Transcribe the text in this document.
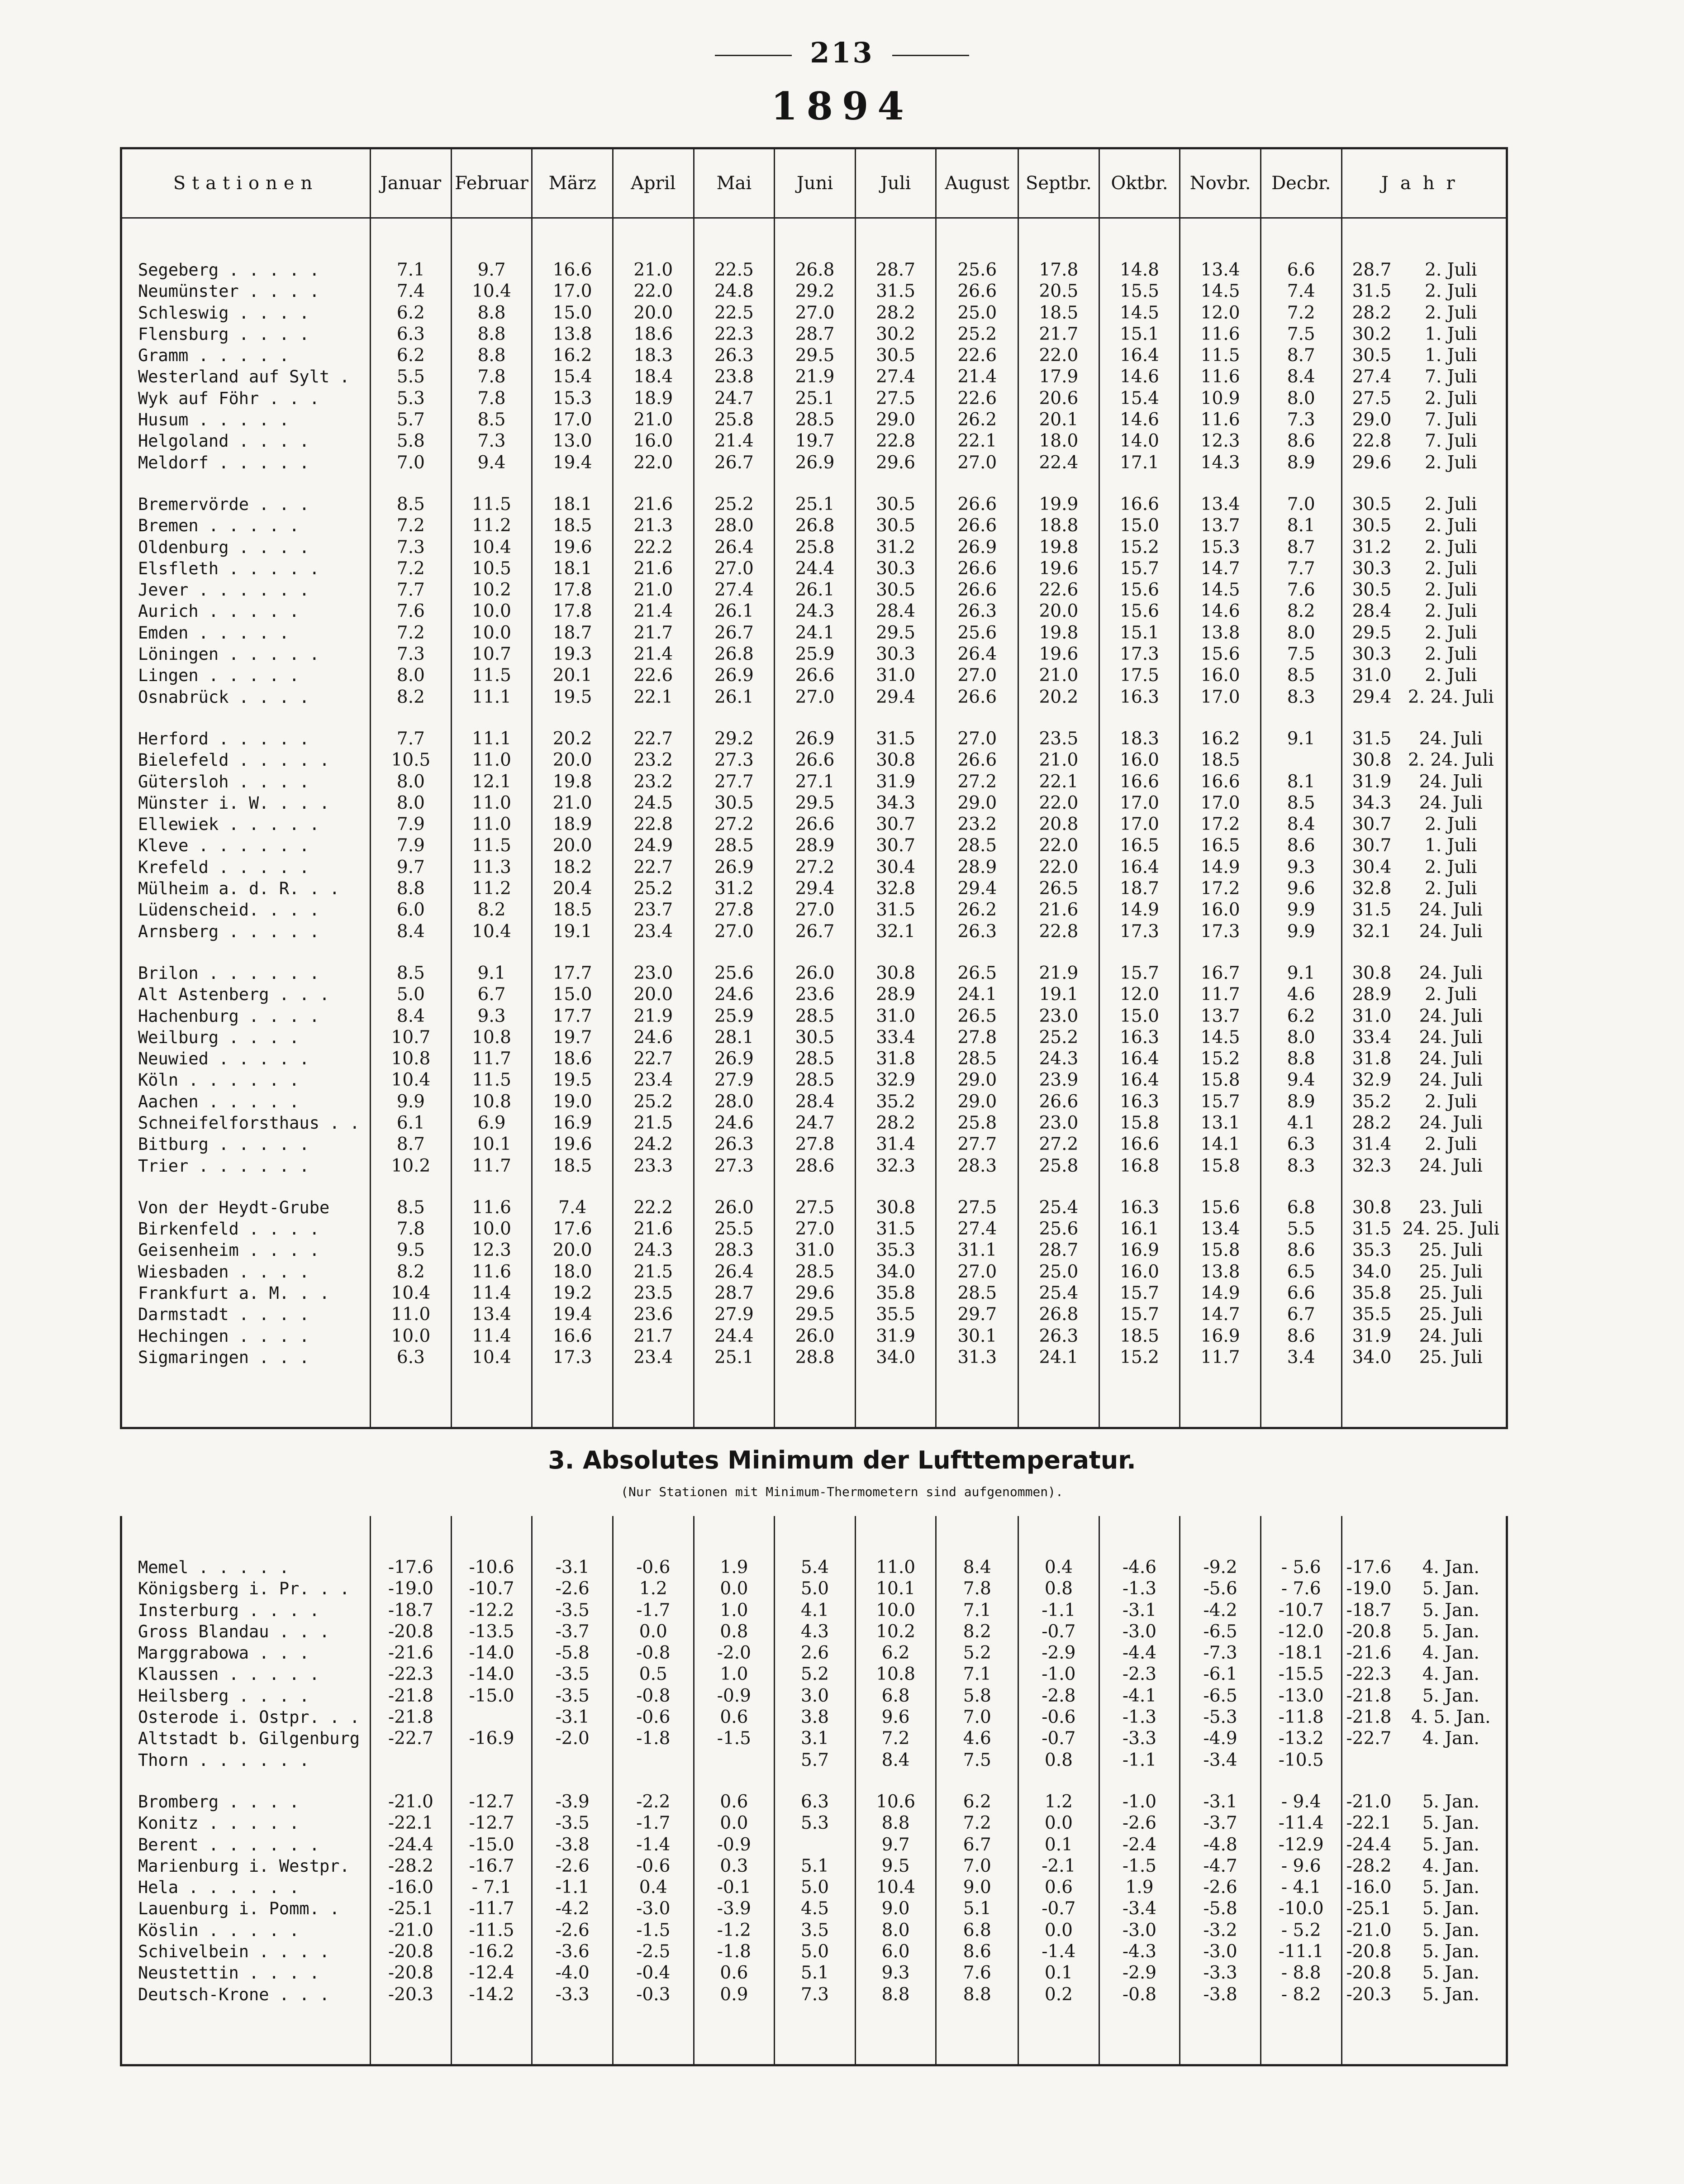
213
1894
Stationen	Januar	Februar	März	April	Mai	Juni	Juli	August	Septbr.	Oktbr.	Novbr.	Decbr.	Jahr	

Segeberg . . . . .	7.1	9.7	16.6	21.0	22.5	26.8	28.7	25.6	17.8	14.8	13.4	6.6	28.7	2. Juli
Neumünster . . . .	7.4	10.4	17.0	22.0	24.8	29.2	31.5	26.6	20.5	15.5	14.5	7.4	31.5	2. Juli
Schleswig . . . .	6.2	8.8	15.0	20.0	22.5	27.0	28.2	25.0	18.5	14.5	12.0	7.2	28.2	2. Juli
Flensburg . . . .	6.3	8.8	13.8	18.6	22.3	28.7	30.2	25.2	21.7	15.1	11.6	7.5	30.2	1. Juli
Gramm . . . . .	6.2	8.8	16.2	18.3	26.3	29.5	30.5	22.6	22.0	16.4	11.5	8.7	30.5	1. Juli
Westerland auf Sylt .	5.5	7.8	15.4	18.4	23.8	21.9	27.4	21.4	17.9	14.6	11.6	8.4	27.4	7. Juli
Wyk auf Föhr . . .	5.3	7.8	15.3	18.9	24.7	25.1	27.5	22.6	20.6	15.4	10.9	8.0	27.5	2. Juli
Husum . . . . .	5.7	8.5	17.0	21.0	25.8	28.5	29.0	26.2	20.1	14.6	11.6	7.3	29.0	7. Juli
Helgoland . . . .	5.8	7.3	13.0	16.0	21.4	19.7	22.8	22.1	18.0	14.0	12.3	8.6	22.8	7. Juli
Meldorf . . . . .	7.0	9.4	19.4	22.0	26.7	26.9	29.6	27.0	22.4	17.1	14.3	8.9	29.6	2. Juli

Bremervörde . . .	8.5	11.5	18.1	21.6	25.2	25.1	30.5	26.6	19.9	16.6	13.4	7.0	30.5	2. Juli
Bremen . . . . .	7.2	11.2	18.5	21.3	28.0	26.8	30.5	26.6	18.8	15.0	13.7	8.1	30.5	2. Juli
Oldenburg . . . .	7.3	10.4	19.6	22.2	26.4	25.8	31.2	26.9	19.8	15.2	15.3	8.7	31.2	2. Juli
Elsfleth . . . . .	7.2	10.5	18.1	21.6	27.0	24.4	30.3	26.6	19.6	15.7	14.7	7.7	30.3	2. Juli
Jever . . . . . .	7.7	10.2	17.8	21.0	27.4	26.1	30.5	26.6	22.6	15.6	14.5	7.6	30.5	2. Juli
Aurich . . . . .	7.6	10.0	17.8	21.4	26.1	24.3	28.4	26.3	20.0	15.6	14.6	8.2	28.4	2. Juli
Emden . . . . .	7.2	10.0	18.7	21.7	26.7	24.1	29.5	25.6	19.8	15.1	13.8	8.0	29.5	2. Juli
Löningen . . . . .	7.3	10.7	19.3	21.4	26.8	25.9	30.3	26.4	19.6	17.3	15.6	7.5	30.3	2. Juli
Lingen . . . . .	8.0	11.5	20.1	22.6	26.9	26.6	31.0	27.0	21.0	17.5	16.0	8.5	31.0	2. Juli
Osnabrück . . . .	8.2	11.1	19.5	22.1	26.1	27.0	29.4	26.6	20.2	16.3	17.0	8.3	29.4	2. 24. Juli

Herford . . . . .	7.7	11.1	20.2	22.7	29.2	26.9	31.5	27.0	23.5	18.3	16.2	9.1	31.5	24. Juli
Bielefeld . . . . .	10.5	11.0	20.0	23.2	27.3	26.6	30.8	26.6	21.0	16.0	18.5		30.8	2. 24. Juli
Gütersloh . . . .	8.0	12.1	19.8	23.2	27.7	27.1	31.9	27.2	22.1	16.6	16.6	8.1	31.9	24. Juli
Münster i. W. . . .	8.0	11.0	21.0	24.5	30.5	29.5	34.3	29.0	22.0	17.0	17.0	8.5	34.3	24. Juli
Ellewiek . . . . .	7.9	11.0	18.9	22.8	27.2	26.6	30.7	23.2	20.8	17.0	17.2	8.4	30.7	2. Juli
Kleve . . . . . .	7.9	11.5	20.0	24.9	28.5	28.9	30.7	28.5	22.0	16.5	16.5	8.6	30.7	1. Juli
Krefeld . . . . .	9.7	11.3	18.2	22.7	26.9	27.2	30.4	28.9	22.0	16.4	14.9	9.3	30.4	2. Juli
Mülheim a. d. R. . .	8.8	11.2	20.4	25.2	31.2	29.4	32.8	29.4	26.5	18.7	17.2	9.6	32.8	2. Juli
Lüdenscheid. . . .	6.0	8.2	18.5	23.7	27.8	27.0	31.5	26.2	21.6	14.9	16.0	9.9	31.5	24. Juli
Arnsberg . . . . .	8.4	10.4	19.1	23.4	27.0	26.7	32.1	26.3	22.8	17.3	17.3	9.9	32.1	24. Juli

Brilon . . . . . .	8.5	9.1	17.7	23.0	25.6	26.0	30.8	26.5	21.9	15.7	16.7	9.1	30.8	24. Juli
Alt Astenberg . . .	5.0	6.7	15.0	20.0	24.6	23.6	28.9	24.1	19.1	12.0	11.7	4.6	28.9	2. Juli
Hachenburg . . . .	8.4	9.3	17.7	21.9	25.9	28.5	31.0	26.5	23.0	15.0	13.7	6.2	31.0	24. Juli
Weilburg . . . .	10.7	10.8	19.7	24.6	28.1	30.5	33.4	27.8	25.2	16.3	14.5	8.0	33.4	24. Juli
Neuwied . . . . .	10.8	11.7	18.6	22.7	26.9	28.5	31.8	28.5	24.3	16.4	15.2	8.8	31.8	24. Juli
Köln . . . . . .	10.4	11.5	19.5	23.4	27.9	28.5	32.9	29.0	23.9	16.4	15.8	9.4	32.9	24. Juli
Aachen . . . . .	9.9	10.8	19.0	25.2	28.0	28.4	35.2	29.0	26.6	16.3	15.7	8.9	35.2	2. Juli
Schneifelforsthaus . .	6.1	6.9	16.9	21.5	24.6	24.7	28.2	25.8	23.0	15.8	13.1	4.1	28.2	24. Juli
Bitburg . . . . .	8.7	10.1	19.6	24.2	26.3	27.8	31.4	27.7	27.2	16.6	14.1	6.3	31.4	2. Juli
Trier . . . . . .	10.2	11.7	18.5	23.3	27.3	28.6	32.3	28.3	25.8	16.8	15.8	8.3	32.3	24. Juli

Von der Heydt-Grube	8.5	11.6	7.4	22.2	26.0	27.5	30.8	27.5	25.4	16.3	15.6	6.8	30.8	23. Juli
Birkenfeld . . . .	7.8	10.0	17.6	21.6	25.5	27.0	31.5	27.4	25.6	16.1	13.4	5.5	31.5	24. 25. Juli
Geisenheim . . . .	9.5	12.3	20.0	24.3	28.3	31.0	35.3	31.1	28.7	16.9	15.8	8.6	35.3	25. Juli
Wiesbaden . . . .	8.2	11.6	18.0	21.5	26.4	28.5	34.0	27.0	25.0	16.0	13.8	6.5	34.0	25. Juli
Frankfurt a. M. . .	10.4	11.4	19.2	23.5	28.7	29.6	35.8	28.5	25.4	15.7	14.9	6.6	35.8	25. Juli
Darmstadt . . . .	11.0	13.4	19.4	23.6	27.9	29.5	35.5	29.7	26.8	15.7	14.7	6.7	35.5	25. Juli
Hechingen . . . .	10.0	11.4	16.6	21.7	24.4	26.0	31.9	30.1	26.3	18.5	16.9	8.6	31.9	24. Juli
Sigmaringen . . .	6.3	10.4	17.3	23.4	25.1	28.8	34.0	31.3	24.1	15.2	11.7	3.4	34.0	25. Juli

3. Absolutes Minimum der Lufttemperatur.
(Nur Stationen mit Minimum-Thermometern sind aufgenommen).

Memel . . . . .	-17.6	-10.6	-3.1	-0.6	1.9	5.4	11.0	8.4	0.4	-4.6	-9.2	- 5.6	-17.6	4. Jan.
Königsberg i. Pr. . .	-19.0	-10.7	-2.6	1.2	0.0	5.0	10.1	7.8	0.8	-1.3	-5.6	- 7.6	-19.0	5. Jan.
Insterburg . . . .	-18.7	-12.2	-3.5	-1.7	1.0	4.1	10.0	7.1	-1.1	-3.1	-4.2	-10.7	-18.7	5. Jan.
Gross Blandau . . .	-20.8	-13.5	-3.7	0.0	0.8	4.3	10.2	8.2	-0.7	-3.0	-6.5	-12.0	-20.8	5. Jan.
Marggrabowa . . .	-21.6	-14.0	-5.8	-0.8	-2.0	2.6	6.2	5.2	-2.9	-4.4	-7.3	-18.1	-21.6	4. Jan.
Klaussen . . . . .	-22.3	-14.0	-3.5	0.5	1.0	5.2	10.8	7.1	-1.0	-2.3	-6.1	-15.5	-22.3	4. Jan.
Heilsberg . . . .	-21.8	-15.0	-3.5	-0.8	-0.9	3.0	6.8	5.8	-2.8	-4.1	-6.5	-13.0	-21.8	5. Jan.
Osterode i. Ostpr. . .	-21.8		-3.1	-0.6	0.6	3.8	9.6	7.0	-0.6	-1.3	-5.3	-11.8	-21.8	4. 5. Jan.
Altstadt b. Gilgenburg	-22.7	-16.9	-2.0	-1.8	-1.5	3.1	7.2	4.6	-0.7	-3.3	-4.9	-13.2	-22.7	4. Jan.
Thorn . . . . . .						5.7	8.4	7.5	0.8	-1.1	-3.4	-10.5		

Bromberg . . . .	-21.0	-12.7	-3.9	-2.2	0.6	6.3	10.6	6.2	1.2	-1.0	-3.1	- 9.4	-21.0	5. Jan.
Konitz . . . . .	-22.1	-12.7	-3.5	-1.7	0.0	5.3	8.8	7.2	0.0	-2.6	-3.7	-11.4	-22.1	5. Jan.
Berent . . . . . .	-24.4	-15.0	-3.8	-1.4	-0.9		9.7	6.7	0.1	-2.4	-4.8	-12.9	-24.4	5. Jan.
Marienburg i. Westpr.	-28.2	-16.7	-2.6	-0.6	0.3	5.1	9.5	7.0	-2.1	-1.5	-4.7	- 9.6	-28.2	4. Jan.
Hela . . . . . .	-16.0	- 7.1	-1.1	0.4	-0.1	5.0	10.4	9.0	0.6	1.9	-2.6	- 4.1	-16.0	5. Jan.
Lauenburg i. Pomm. .	-25.1	-11.7	-4.2	-3.0	-3.9	4.5	9.0	5.1	-0.7	-3.4	-5.8	-10.0	-25.1	5. Jan.
Köslin . . . . .	-21.0	-11.5	-2.6	-1.5	-1.2	3.5	8.0	6.8	0.0	-3.0	-3.2	- 5.2	-21.0	5. Jan.
Schivelbein . . . .	-20.8	-16.2	-3.6	-2.5	-1.8	5.0	6.0	8.6	-1.4	-4.3	-3.0	-11.1	-20.8	5. Jan.
Neustettin . . . .	-20.8	-12.4	-4.0	-0.4	0.6	5.1	9.3	7.6	0.1	-2.9	-3.3	- 8.8	-20.8	5. Jan.
Deutsch-Krone . . .	-20.3	-14.2	-3.3	-0.3	0.9	7.3	8.8	8.8	0.2	-0.8	-3.8	- 8.2	-20.3	5. Jan.
